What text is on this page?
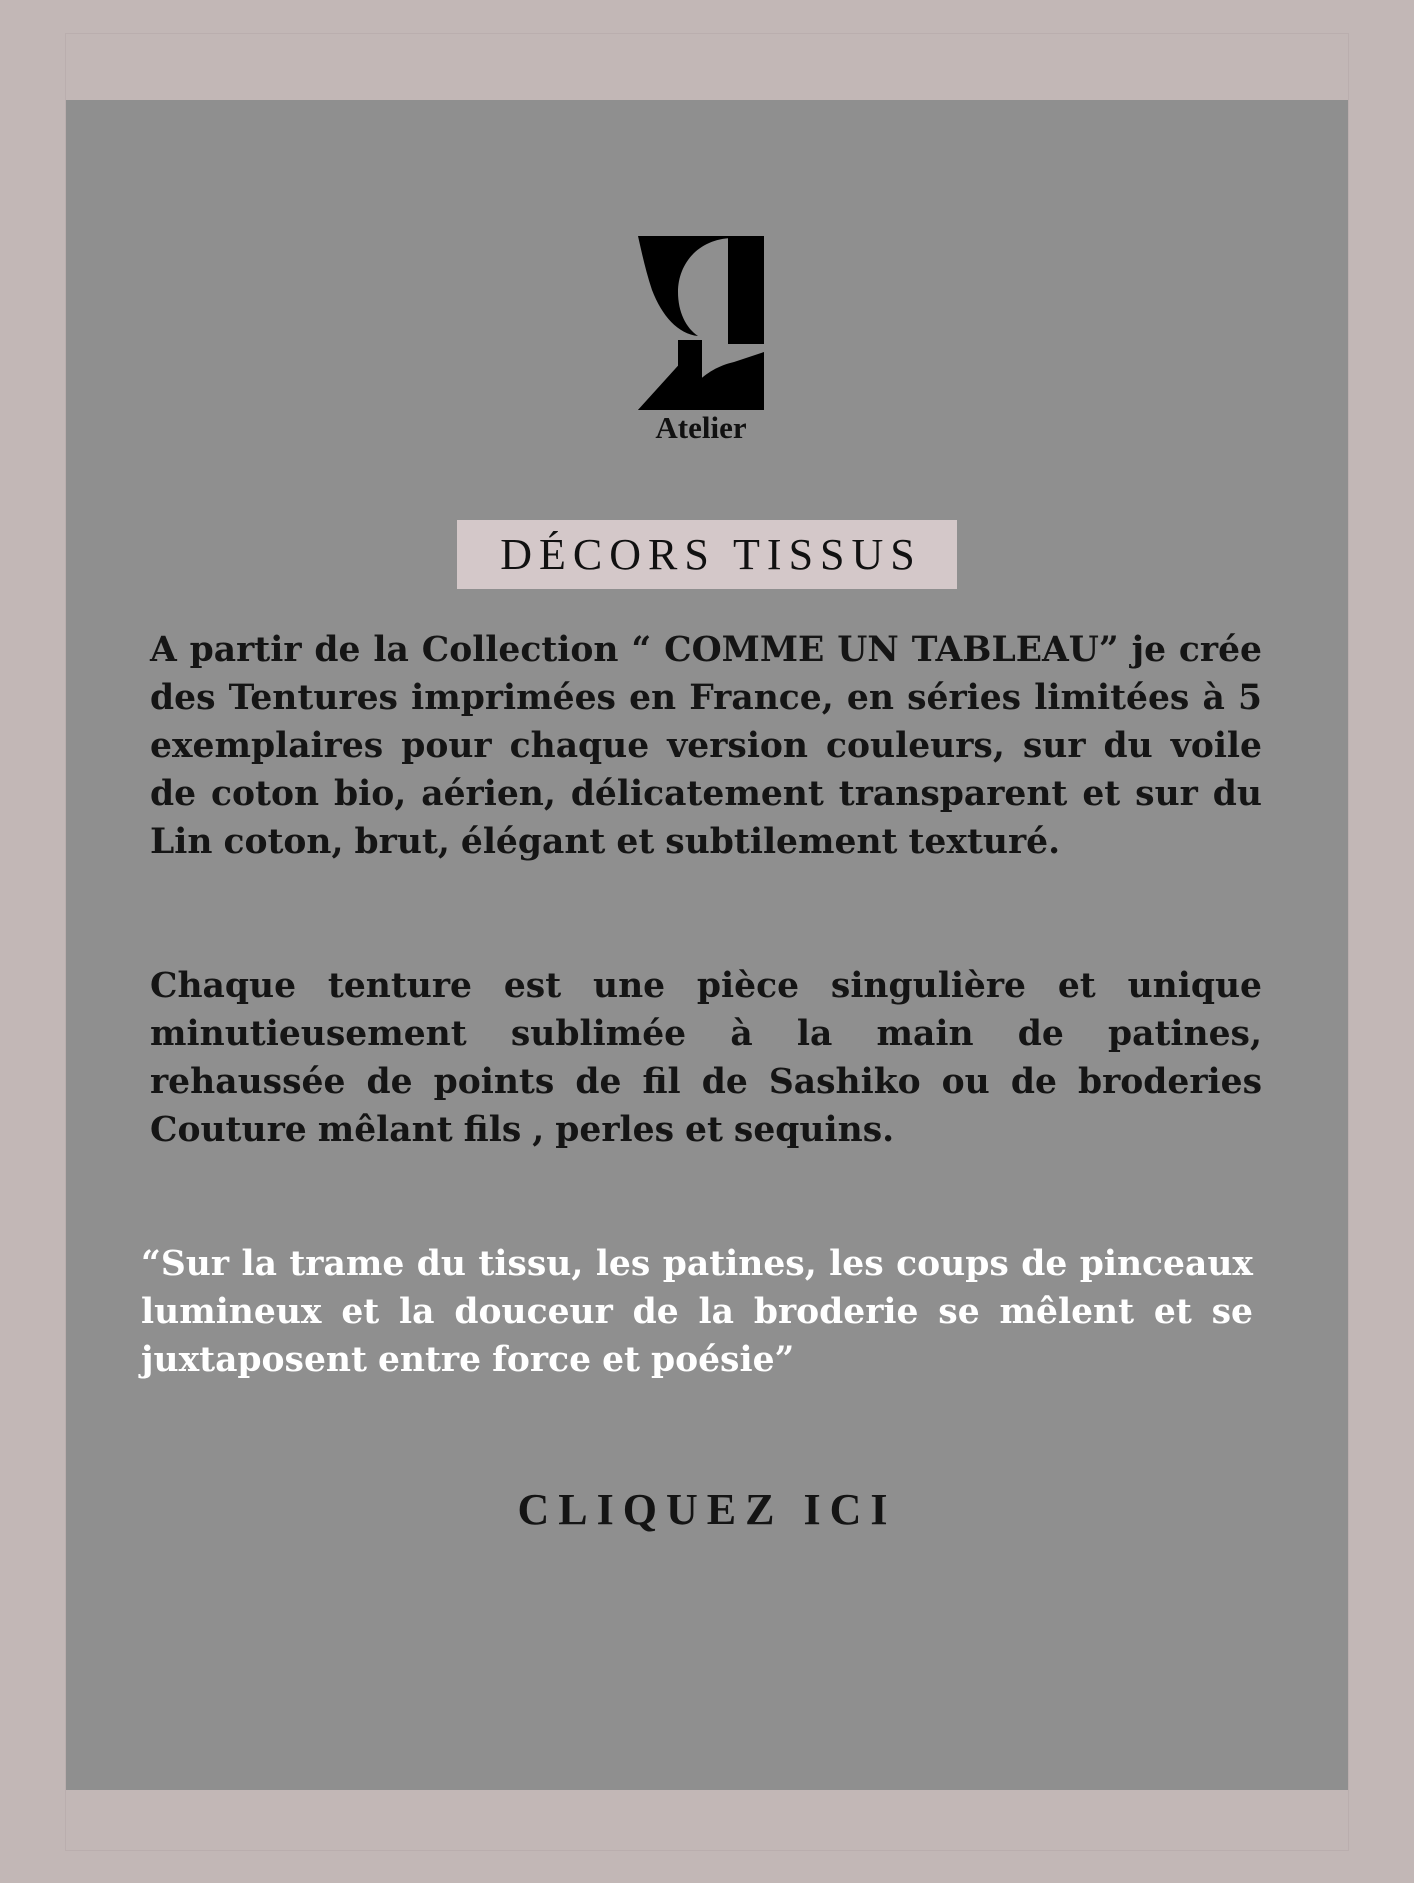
Atelier
DÉCORS TISSUS

A partir de la Collection “ COMME UN TABLEAU” je crée des Tentures imprimées en France, en séries limitées à 5 exemplaires pour chaque version couleurs, sur du voile de coton bio, aérien, délicatement transparent et sur du Lin coton, brut, élégant et subtilement texturé.

Chaque tenture est une pièce singulière et unique minutieusement sublimée à la main de patines, rehaussée de points de fil de Sashiko ou de broderies Couture mêlant fils , perles et sequins.

“Sur la trame du tissu, les patines, les coups de pinceaux lumineux et la douceur de la broderie se mêlent et se juxtaposent entre force et poésie”

CLIQUEZ ICI
